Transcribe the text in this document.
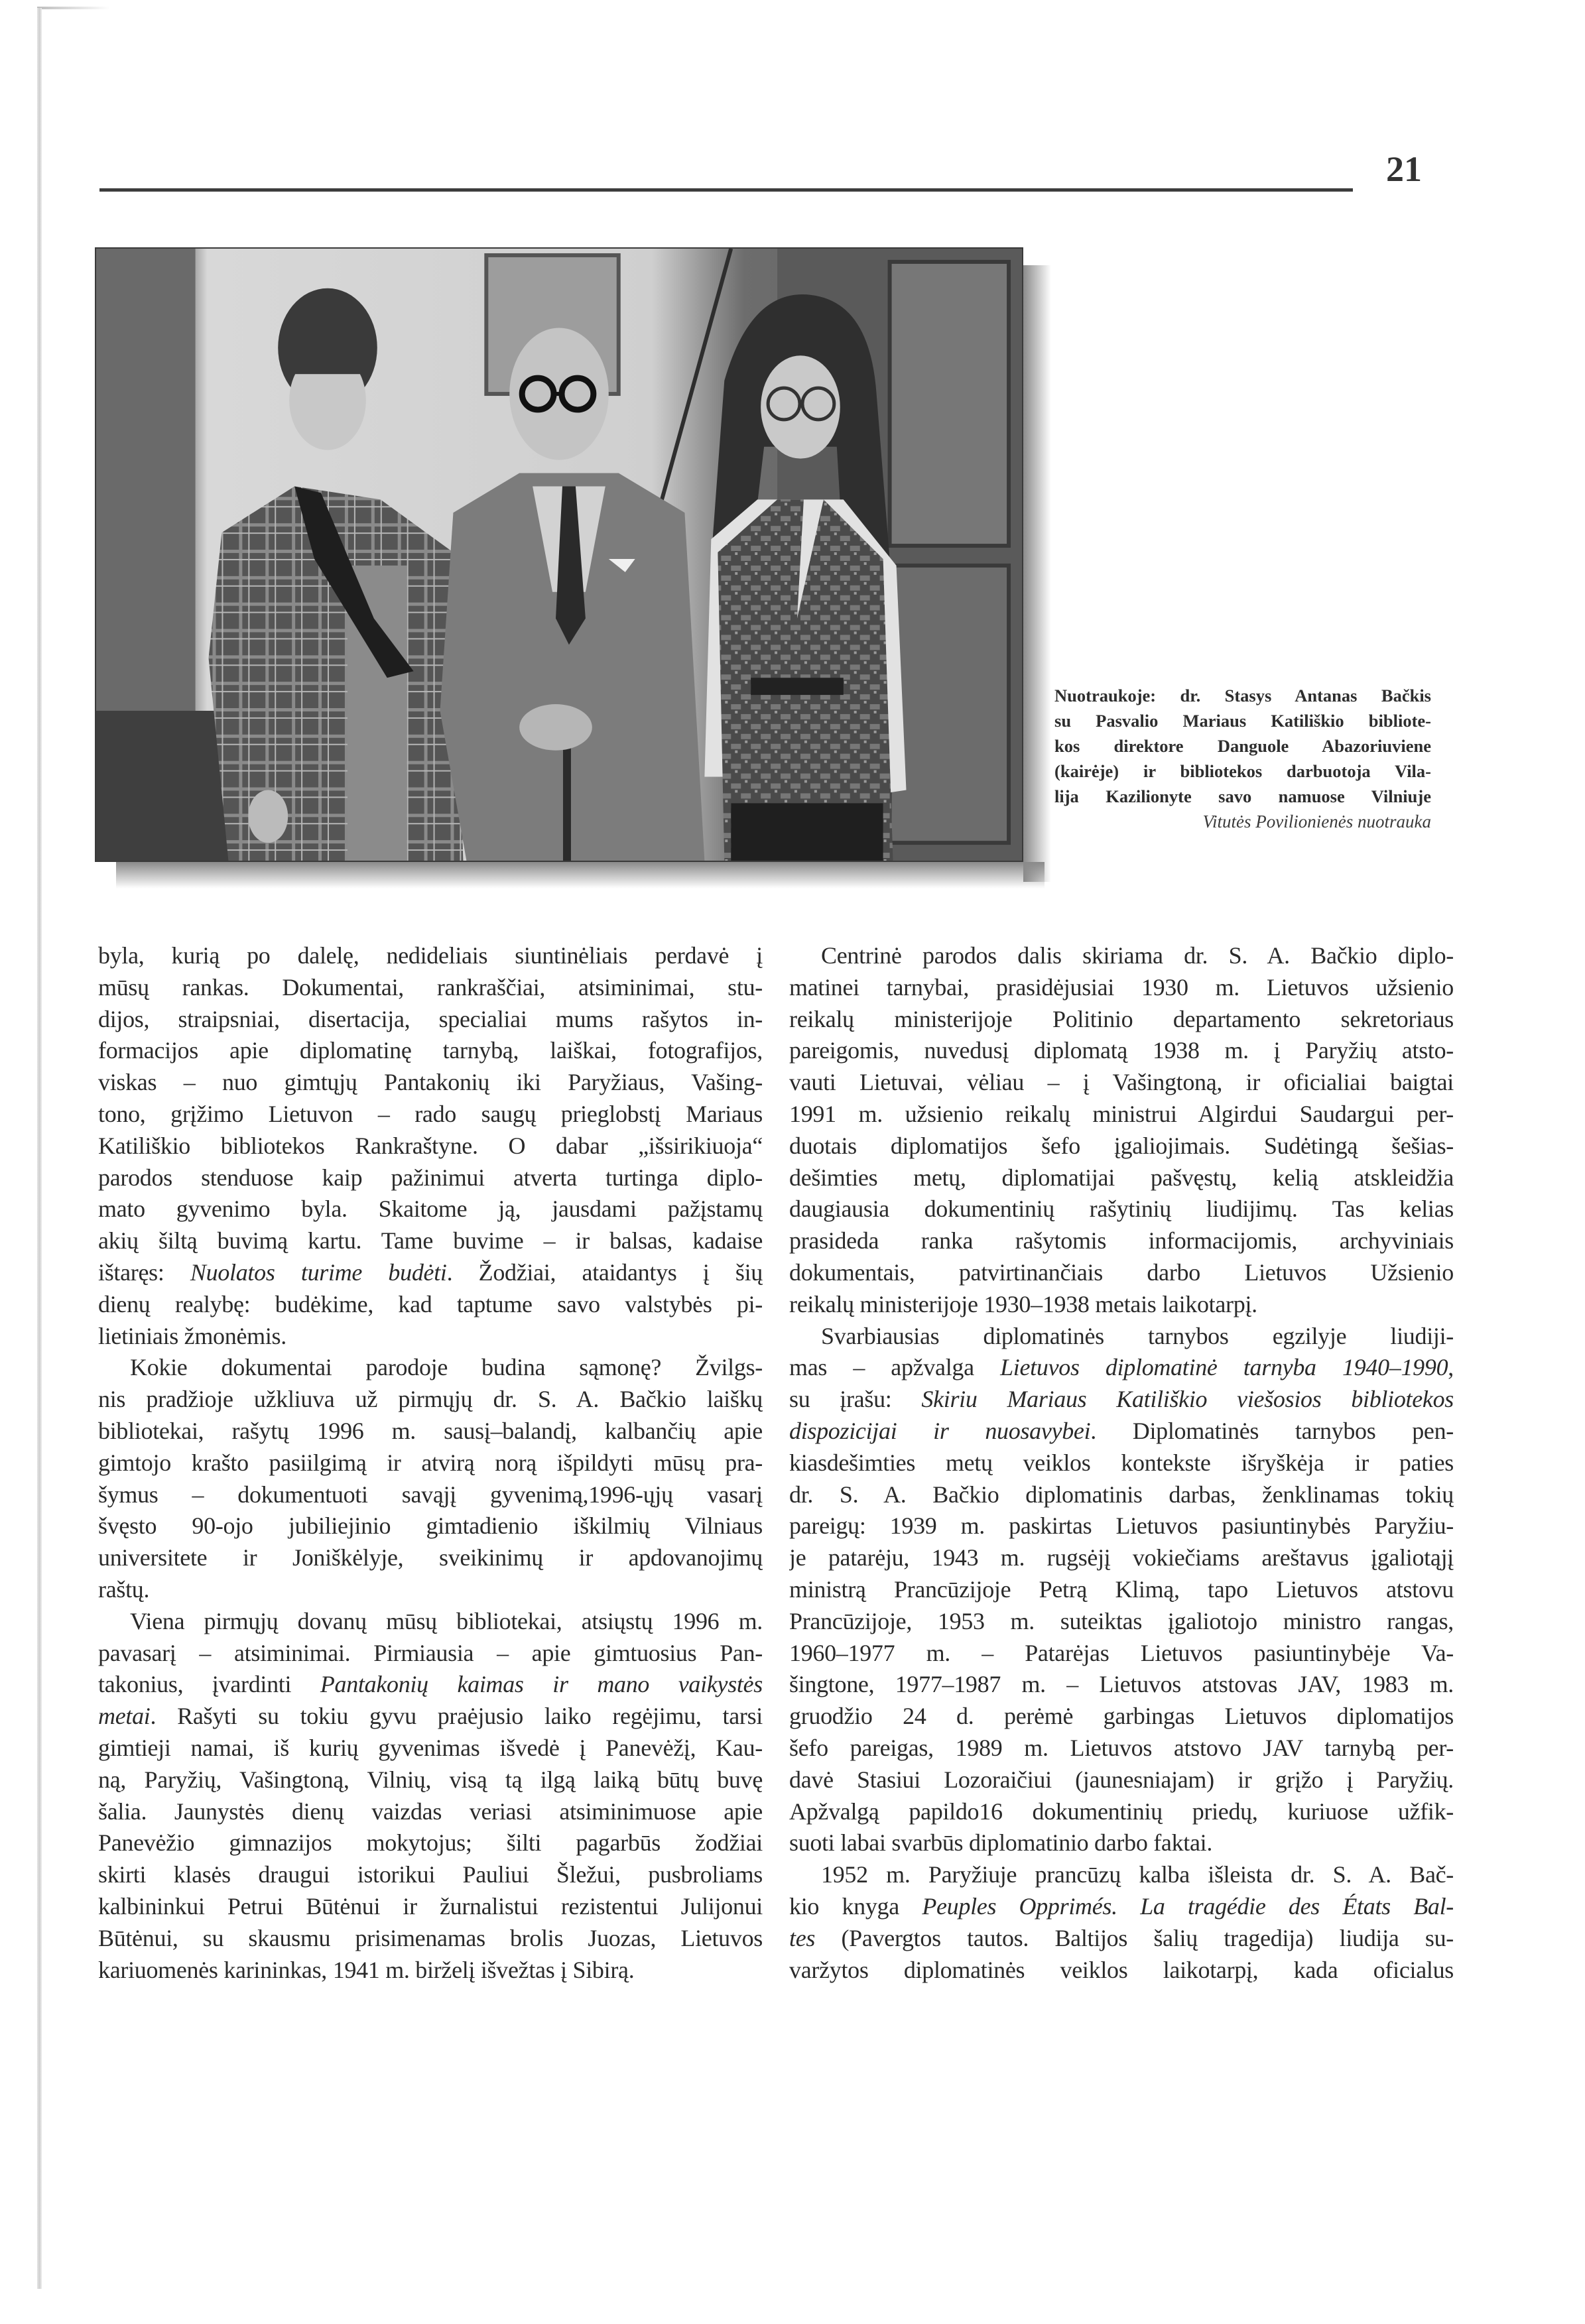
21
Nuotraukoje: dr. Stasys Antanas Bačkis
su Pasvalio Mariaus Katiliškio bibliote-
kos direktore Danguole Abazoriuviene
(kairėje) ir bibliotekos darbuotoja Vila-
lija Kazilionyte savo namuose Vilniuje
Vitutės Povilionienės nuotrauka
byla, kurią po dalelę, nedideliais siuntinėliais perdavė į
mūsų rankas. Dokumentai, rankraščiai, atsiminimai, stu-
dijos, straipsniai, disertacija, specialiai mums rašytos in-
formacijos apie diplomatinę tarnybą, laiškai, fotografijos,
viskas – nuo gimtųjų Pantakonių iki Paryžiaus, Vašing-
tono, grįžimo Lietuvon – rado saugų prieglobstį Mariaus
Katiliškio bibliotekos Rankraštyne. O dabar „išsirikiuoja“
parodos stenduose kaip pažinimui atverta turtinga diplo-
mato gyvenimo byla. Skaitome ją, jausdami pažįstamų
akių šiltą buvimą kartu. Tame buvime – ir balsas, kadaise
ištaręs: Nuolatos turime budėti. Žodžiai, ataidantys į šių
dienų realybę: budėkime, kad taptume savo valstybės pi-
lietiniais žmonėmis.
Kokie dokumentai parodoje budina sąmonę? Žvilgs-
nis pradžioje užkliuva už pirmųjų dr. S. A. Bačkio laiškų
bibliotekai, rašytų 1996 m. sausį–balandį, kalbančių apie
gimtojo krašto pasiilgimą ir atvirą norą išpildyti mūsų pra-
šymus – dokumentuoti savąjį gyvenimą,1996-ųjų vasarį
švęsto 90-ojo jubiliejinio gimtadienio iškilmių Vilniaus
universitete ir Joniškėlyje, sveikinimų ir apdovanojimų
raštų.
Viena pirmųjų dovanų mūsų bibliotekai, atsiųstų 1996 m.
pavasarį – atsiminimai. Pirmiausia – apie gimtuosius Pan-
takonius, įvardinti Pantakonių kaimas ir mano vaikystės
metai. Rašyti su tokiu gyvu praėjusio laiko regėjimu, tarsi
gimtieji namai, iš kurių gyvenimas išvedė į Panevėžį, Kau-
ną, Paryžių, Vašingtoną, Vilnių, visą tą ilgą laiką būtų buvę
šalia. Jaunystės dienų vaizdas veriasi atsiminimuose apie
Panevėžio gimnazijos mokytojus; šilti pagarbūs žodžiai
skirti klasės draugui istorikui Pauliui Šležui, pusbroliams
kalbininkui Petrui Būtėnui ir žurnalistui rezistentui Julijonui
Būtėnui, su skausmu prisimenamas brolis Juozas, Lietuvos
kariuomenės karininkas, 1941 m. birželį išvežtas į Sibirą.
Centrinė parodos dalis skiriama dr. S. A. Bačkio diplo-
matinei tarnybai, prasidėjusiai 1930 m. Lietuvos užsienio
reikalų ministerijoje Politinio departamento sekretoriaus
pareigomis, nuvedusį diplomatą 1938 m. į Paryžių atsto-
vauti Lietuvai, vėliau – į Vašingtoną, ir oficialiai baigtai
1991 m. užsienio reikalų ministrui Algirdui Saudargui per-
duotais diplomatijos šefo įgaliojimais. Sudėtingą šešias-
dešimties metų, diplomatijai pašvęstų, kelią atskleidžia
daugiausia dokumentinių rašytinių liudijimų. Tas kelias
prasideda ranka rašytomis informacijomis, archyviniais
dokumentais, patvirtinančiais darbo Lietuvos Užsienio
reikalų ministerijoje 1930–1938 metais laikotarpį.
Svarbiausias diplomatinės tarnybos egzilyje liudiji-
mas – apžvalga Lietuvos diplomatinė tarnyba 1940–1990,
su įrašu: Skiriu Mariaus Katiliškio viešosios bibliotekos
dispozicijai ir nuosavybei. Diplomatinės tarnybos pen-
kiasdešimties metų veiklos kontekste išryškėja ir paties
dr. S. A. Bačkio diplomatinis darbas, ženklinamas tokių
pareigų: 1939 m. paskirtas Lietuvos pasiuntinybės Paryžiu-
je patarėju, 1943 m. rugsėjį vokiečiams areštavus įgaliotąjį
ministrą Prancūzijoje Petrą Klimą, tapo Lietuvos atstovu
Prancūzijoje, 1953 m. suteiktas įgaliotojo ministro rangas,
1960–1977 m. – Patarėjas Lietuvos pasiuntinybėje Va-
šingtone, 1977–1987 m. – Lietuvos atstovas JAV, 1983 m.
gruodžio 24 d. perėmė garbingas Lietuvos diplomatijos
šefo pareigas, 1989 m. Lietuvos atstovo JAV tarnybą per-
davė Stasiui Lozoraičiui (jaunesniajam) ir grįžo į Paryžių.
Apžvalgą papildo16 dokumentinių priedų, kuriuose užfik-
suoti labai svarbūs diplomatinio darbo faktai.
1952 m. Paryžiuje prancūzų kalba išleista dr. S. A. Bač-
kio knyga Peuples Opprimés. La tragédie des États Bal-
tes (Pavergtos tautos. Baltijos šalių tragedija) liudija su-
varžytos diplomatinės veiklos laikotarpį, kada oficialus
